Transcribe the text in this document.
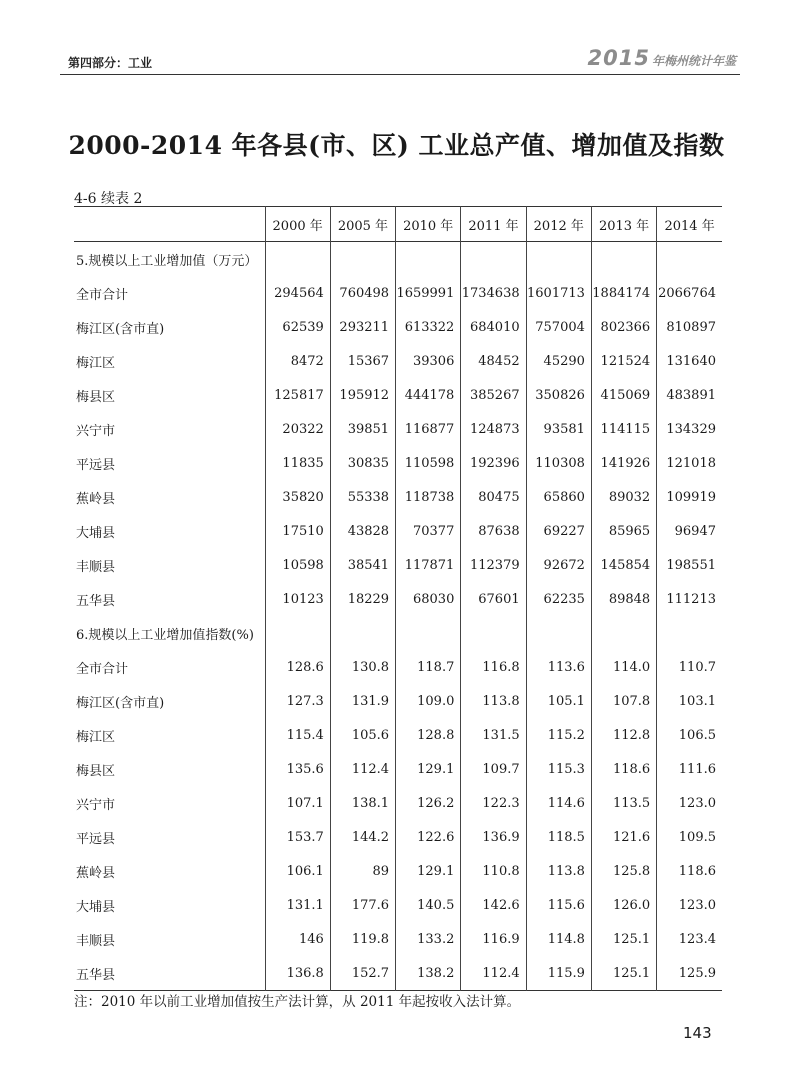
第四部分：工业	2015 年梅州统计年鉴
2000-2014 年各县(市、区) 工业总产值、增加值及指数
4-6 续表 2
	2000 年	2005 年	2010 年	2011 年	2012 年	2013 年	2014 年
5.规模以上工业增加值（万元）							
全市合计	294564	760498	1659991	1734638	1601713	1884174	2066764
梅江区(含市直)	62539	293211	613322	684010	757004	802366	810897
梅江区	8472	15367	39306	48452	45290	121524	131640
梅县区	125817	195912	444178	385267	350826	415069	483891
兴宁市	20322	39851	116877	124873	93581	114115	134329
平远县	11835	30835	110598	192396	110308	141926	121018
蕉岭县	35820	55338	118738	80475	65860	89032	109919
大埔县	17510	43828	70377	87638	69227	85965	96947
丰顺县	10598	38541	117871	112379	92672	145854	198551
五华县	10123	18229	68030	67601	62235	89848	111213
6.规模以上工业增加值指数(%)							
全市合计	128.6	130.8	118.7	116.8	113.6	114.0	110.7
梅江区(含市直)	127.3	131.9	109.0	113.8	105.1	107.8	103.1
梅江区	115.4	105.6	128.8	131.5	115.2	112.8	106.5
梅县区	135.6	112.4	129.1	109.7	115.3	118.6	111.6
兴宁市	107.1	138.1	126.2	122.3	114.6	113.5	123.0
平远县	153.7	144.2	122.6	136.9	118.5	121.6	109.5
蕉岭县	106.1	89	129.1	110.8	113.8	125.8	118.6
大埔县	131.1	177.6	140.5	142.6	115.6	126.0	123.0
丰顺县	146	119.8	133.2	116.9	114.8	125.1	123.4
五华县	136.8	152.7	138.2	112.4	115.9	125.1	125.9
注：2010 年以前工业增加值按生产法计算，从 2011 年起按收入法计算。
143
